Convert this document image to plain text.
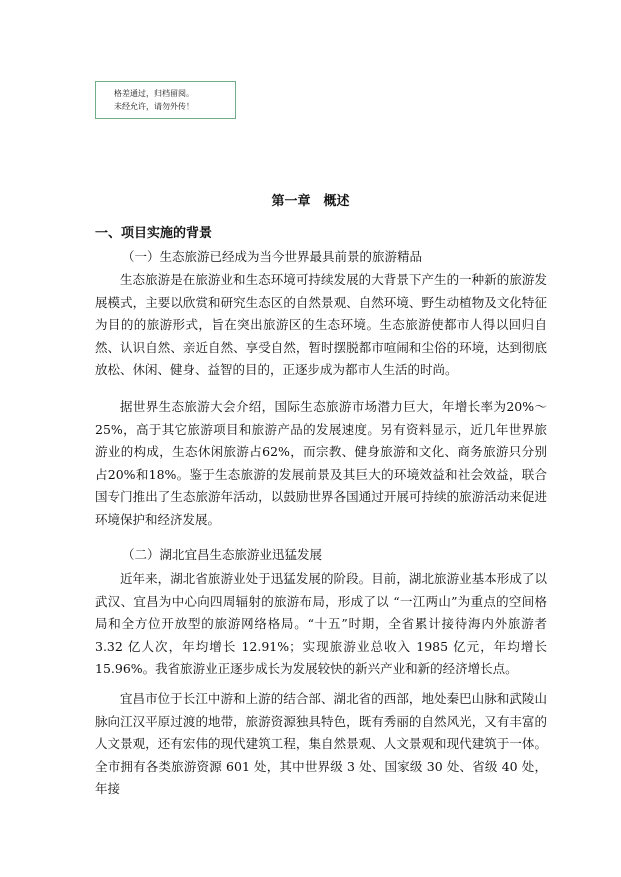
格差通过，归档留阅。
未经允许，请勿外传！
第一章　概述
一、项目实施的背景
（一）生态旅游已经成为当今世界最具前景的旅游精品

生态旅游是在旅游业和生态环境可持续发展的大背景下产生的一种新的旅游发展模式，主要以欣赏和研究生态区的自然景观、自然环境、野生动植物及文化特征为目的的旅游形式，旨在突出旅游区的生态环境。生态旅游使都市人得以回归自然、认识自然、亲近自然、享受自然，暂时摆脱都市喧闹和尘俗的环境，达到彻底放松、休闲、健身、益智的目的，正逐步成为都市人生活的时尚。

据世界生态旅游大会介绍，国际生态旅游市场潜力巨大，年增长率为20%～25%，高于其它旅游项目和旅游产品的发展速度。另有资料显示，近几年世界旅游业的构成，生态休闲旅游占62%，而宗教、健身旅游和文化、商务旅游只分别占20%和18%。鉴于生态旅游的发展前景及其巨大的环境效益和社会效益，联合国专门推出了生态旅游年活动，以鼓励世界各国通过开展可持续的旅游活动来促进环境保护和经济发展。

（二）湖北宜昌生态旅游业迅猛发展

近年来，湖北省旅游业处于迅猛发展的阶段。目前，湖北旅游业基本形成了以武汉、宜昌为中心向四周辐射的旅游布局，形成了以 “一江两山”为重点的空间格局和全方位开放型的旅游网络格局。“十五”时期，全省累计接待海内外旅游者 3.32 亿人次，年均增长 12.91%；实现旅游业总收入 1985 亿元，年均增长 15.96%。我省旅游业正逐步成长为发展较快的新兴产业和新的经济增长点。

宜昌市位于长江中游和上游的结合部、湖北省的西部，地处秦巴山脉和武陵山脉向江汉平原过渡的地带，旅游资源独具特色，既有秀丽的自然风光，又有丰富的人文景观，还有宏伟的现代建筑工程，集自然景观、人文景观和现代建筑于一体。全市拥有各类旅游资源 601 处，其中世界级 3 处、国家级 30 处、省级 40 处，年接
